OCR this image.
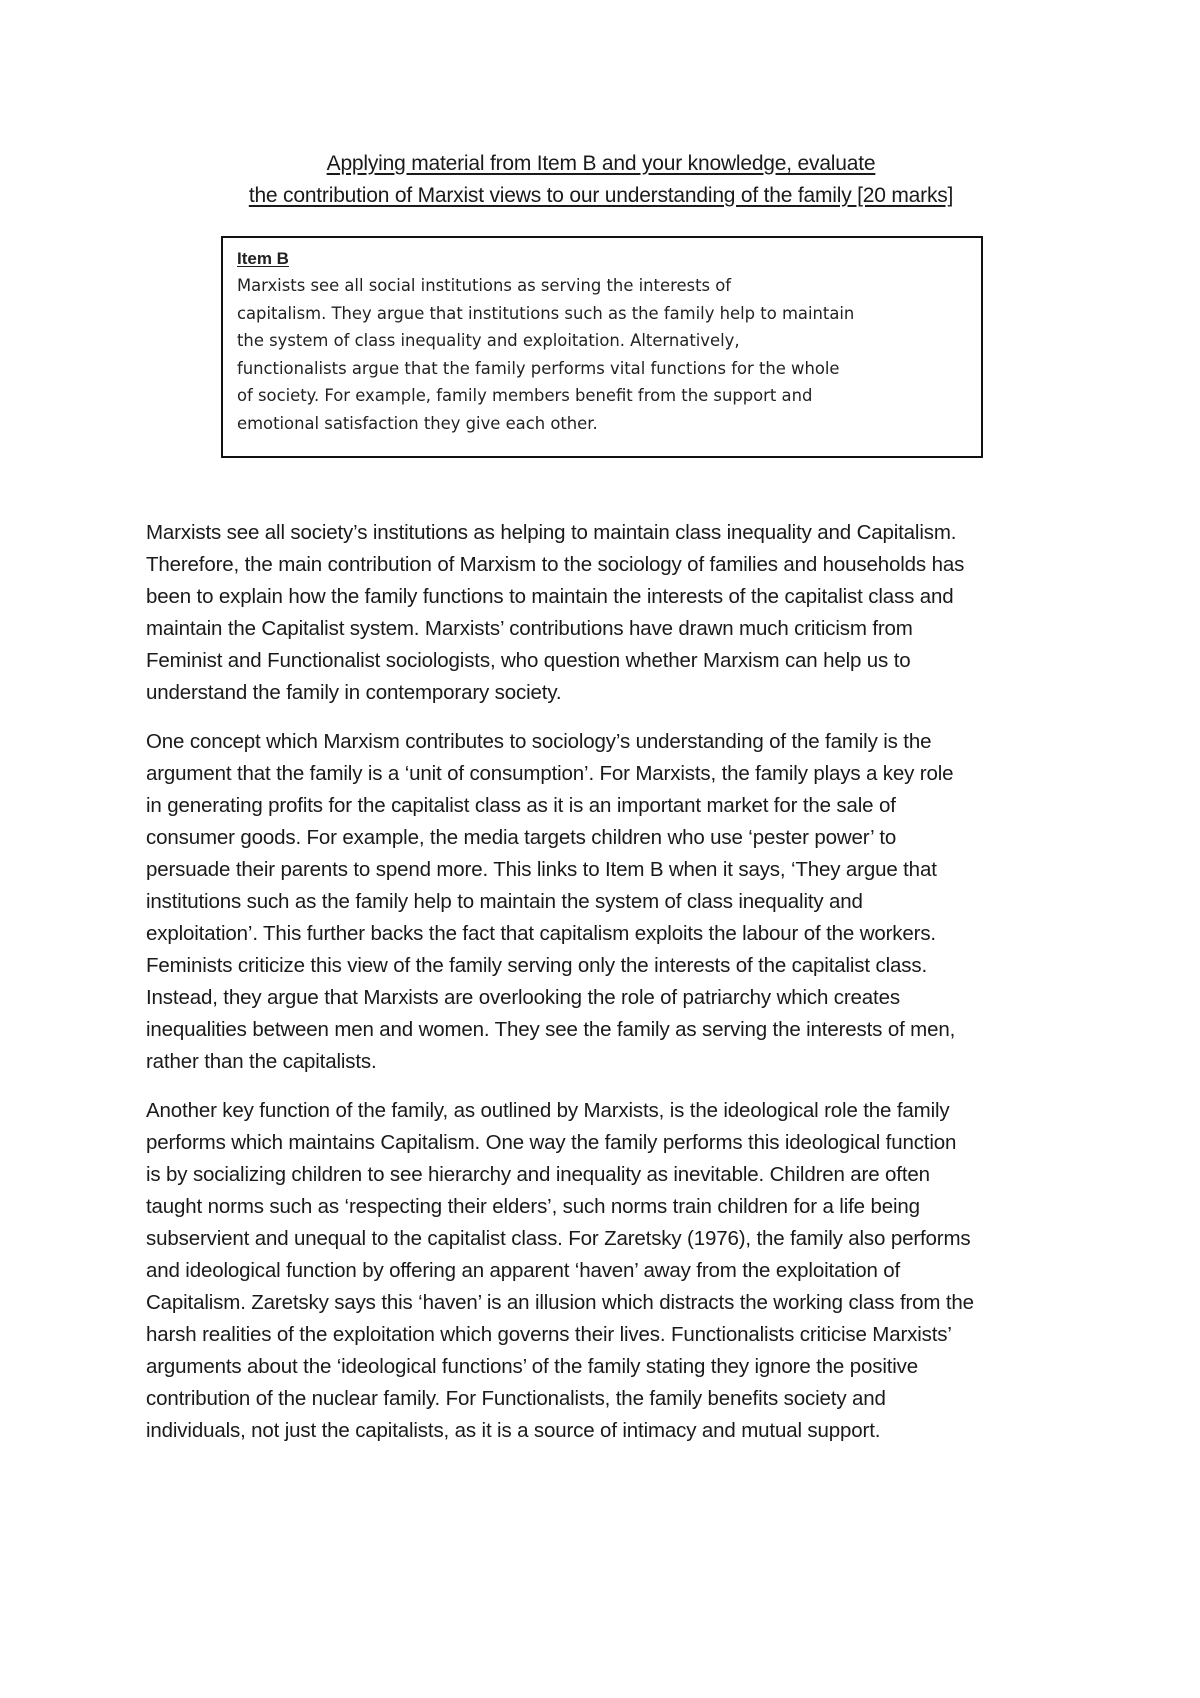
Applying material from Item B and your knowledge, evaluate
the contribution of Marxist views to our understanding of the family [20 marks]
Item B
Marxists see all social institutions as serving the interests of
capitalism. They argue that institutions such as the family help to maintain
the system of class inequality and exploitation. Alternatively,
functionalists argue that the family performs vital functions for the whole
of society. For example, family members benefit from the support and
emotional satisfaction they give each other.
Marxists see all society’s institutions as helping to maintain class inequality and Capitalism.
Therefore, the main contribution of Marxism to the sociology of families and households has
been to explain how the family functions to maintain the interests of the capitalist class and
maintain the Capitalist system. Marxists’ contributions have drawn much criticism from
Feminist and Functionalist sociologists, who question whether Marxism can help us to
understand the family in contemporary society.
One concept which Marxism contributes to sociology’s understanding of the family is the
argument that the family is a ‘unit of consumption’. For Marxists, the family plays a key role
in generating profits for the capitalist class as it is an important market for the sale of
consumer goods. For example, the media targets children who use ‘pester power’ to
persuade their parents to spend more. This links to Item B when it says, ‘They argue that
institutions such as the family help to maintain the system of class inequality and
exploitation’. This further backs the fact that capitalism exploits the labour of the workers.
Feminists criticize this view of the family serving only the interests of the capitalist class.
Instead, they argue that Marxists are overlooking the role of patriarchy which creates
inequalities between men and women. They see the family as serving the interests of men,
rather than the capitalists.
Another key function of the family, as outlined by Marxists, is the ideological role the family
performs which maintains Capitalism. One way the family performs this ideological function
is by socializing children to see hierarchy and inequality as inevitable. Children are often
taught norms such as ‘respecting their elders’, such norms train children for a life being
subservient and unequal to the capitalist class. For Zaretsky (1976), the family also performs
and ideological function by offering an apparent ‘haven’ away from the exploitation of
Capitalism. Zaretsky says this ‘haven’ is an illusion which distracts the working class from the
harsh realities of the exploitation which governs their lives. Functionalists criticise Marxists’
arguments about the ‘ideological functions’ of the family stating they ignore the positive
contribution of the nuclear family. For Functionalists, the family benefits society and
individuals, not just the capitalists, as it is a source of intimacy and mutual support.
